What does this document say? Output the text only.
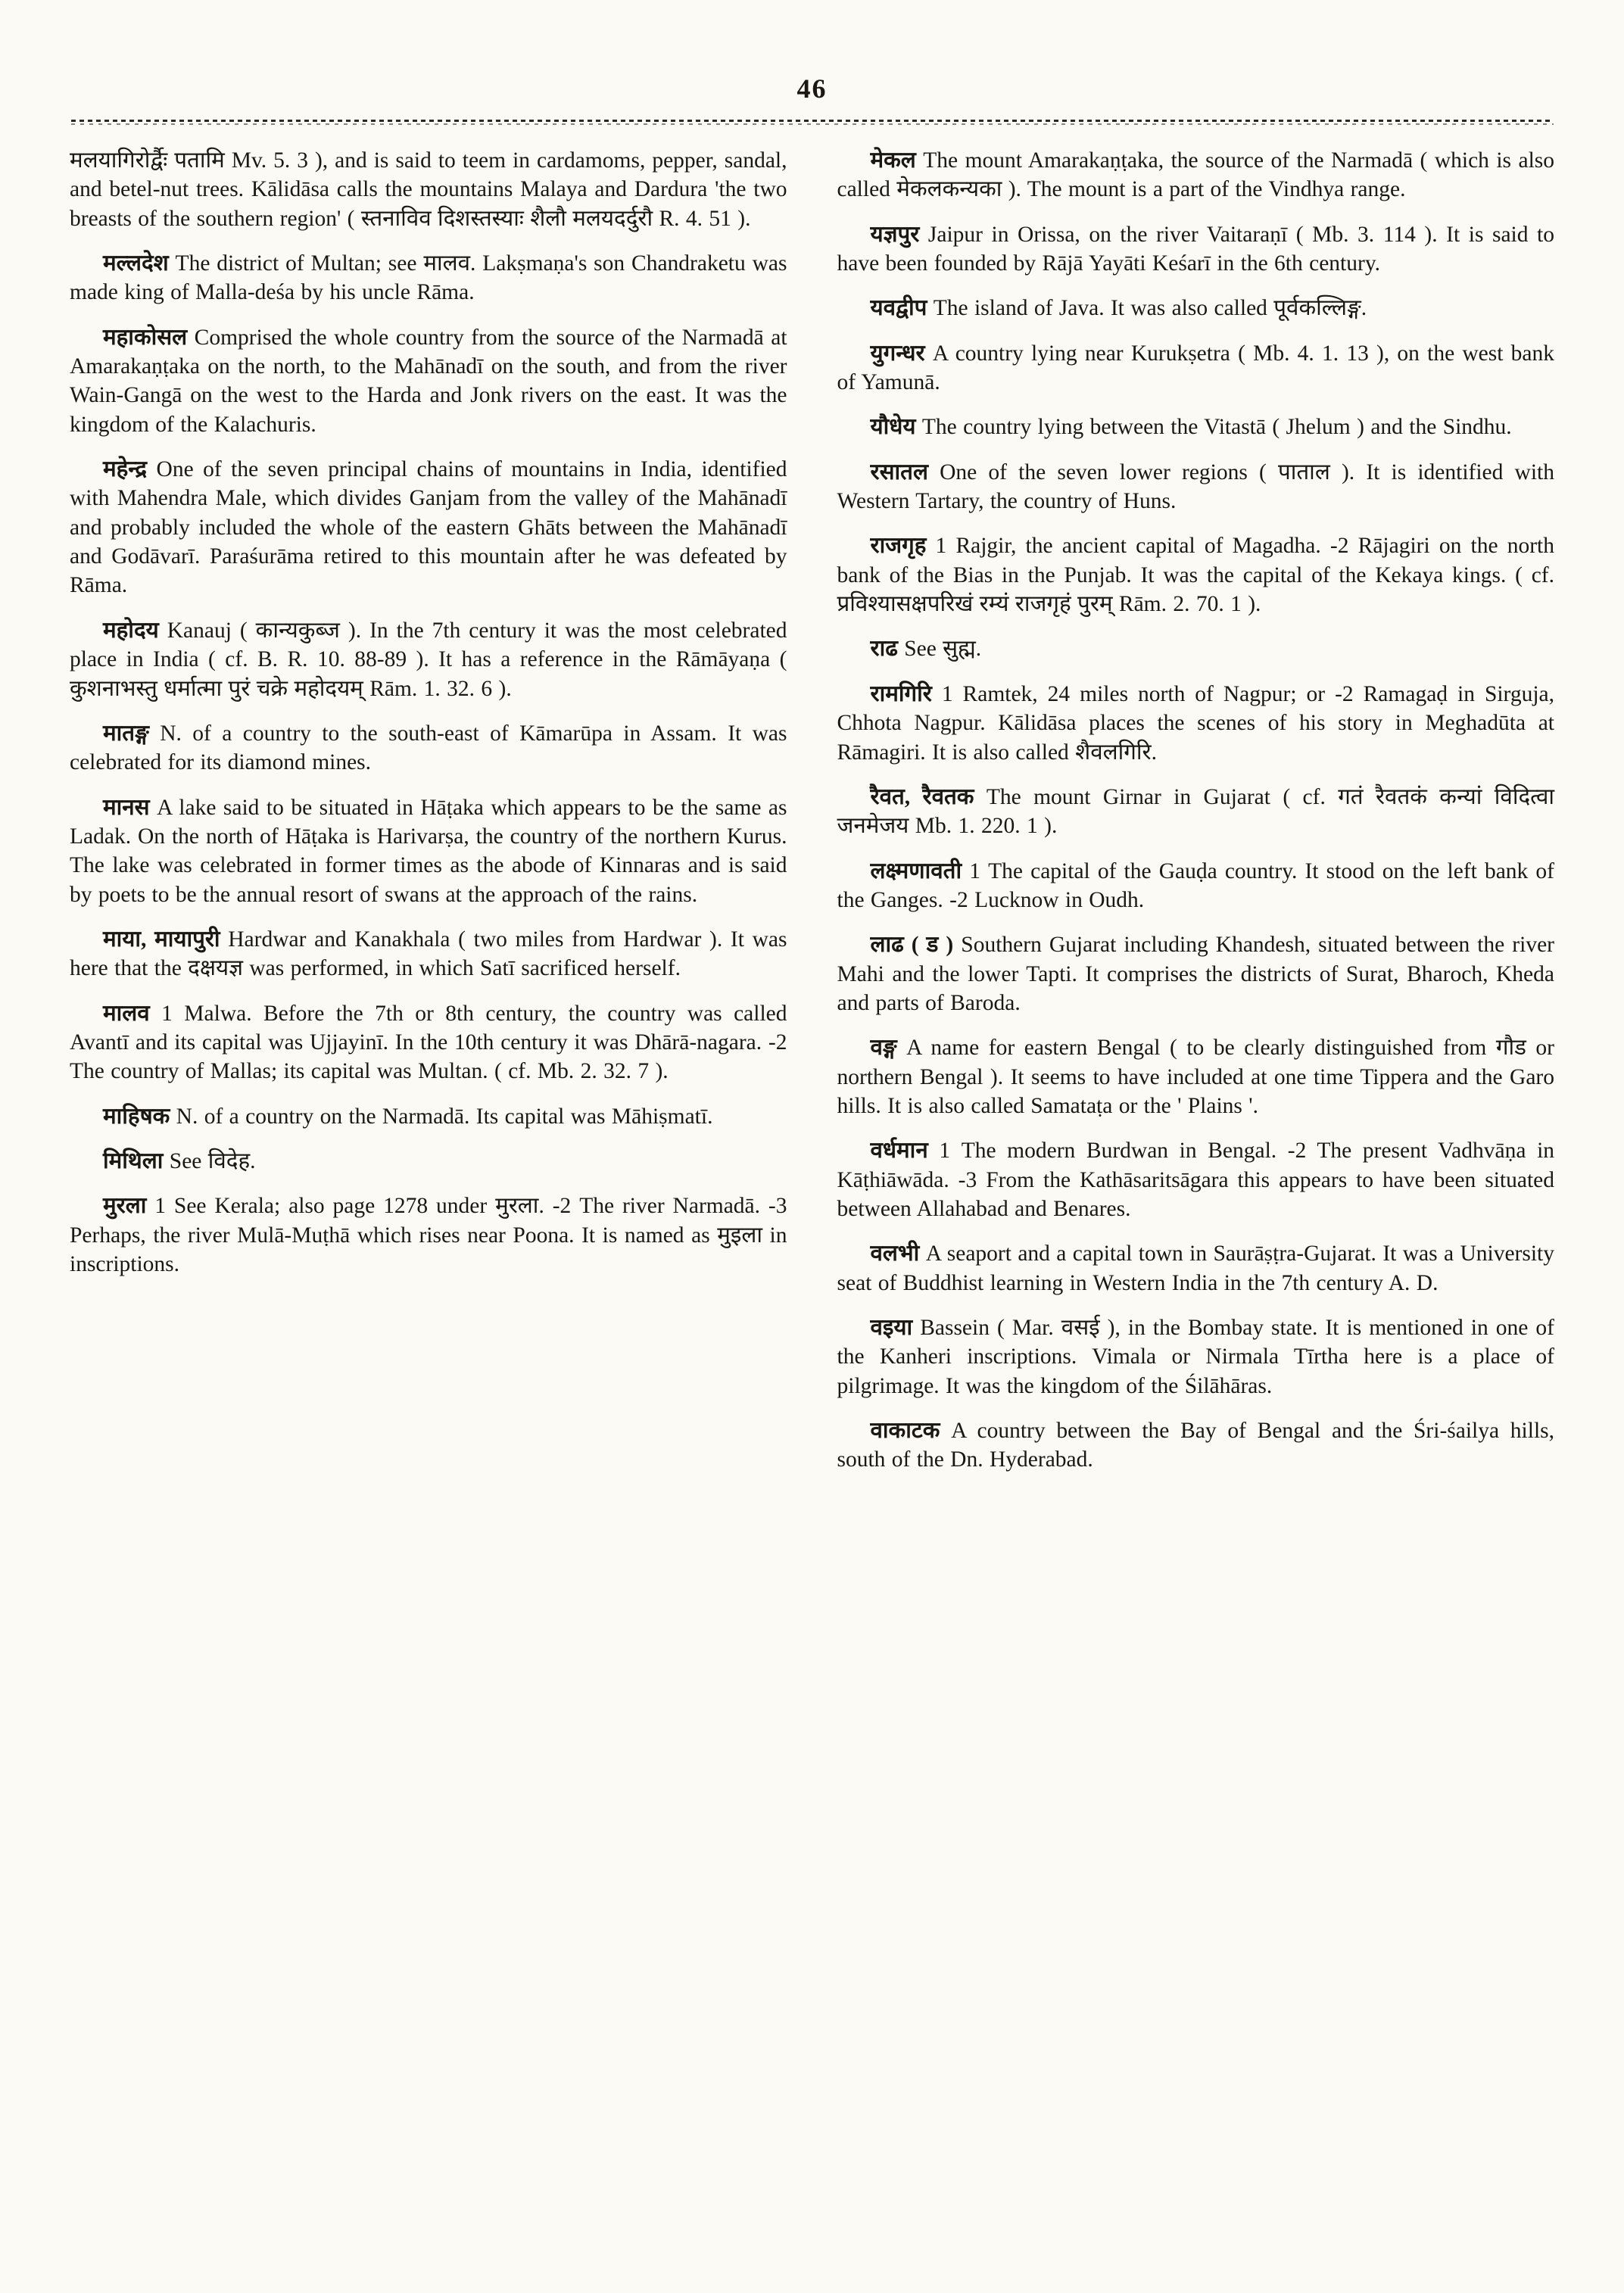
46

मलयागिरोर्द्वैः पतामि Mv. 5. 3 ), and is said to teem in cardamoms, pepper, sandal, and betel-nut trees. Kālidāsa calls the mountains Malaya and Dardura 'the two breasts of the southern region' ( स्तनाविव दिशस्तस्याः शैलौ मलयदर्दुरौ R. 4. 51 ).

मल्लदेश The district of Multan; see मालव. Lakṣmaṇa's son Chandraketu was made king of Malla-deśa by his uncle Rāma.

महाकोसल Comprised the whole country from the source of the Narmadā at Amarakaṇṭaka on the north, to the Mahānadī on the south, and from the river Wain-Gangā on the west to the Harda and Jonk rivers on the east. It was the kingdom of the Kalachuris.

महेन्द्र One of the seven principal chains of mountains in India, identified with Mahendra Male, which divides Ganjam from the valley of the Mahānadī and probably included the whole of the eastern Ghāts between the Mahānadī and Godāvarī. Paraśurāma retired to this mountain after he was defeated by Rāma.

महोदय Kanauj ( कान्यकुब्ज ). In the 7th century it was the most celebrated place in India ( cf. B. R. 10. 88-89 ). It has a reference in the Rāmāyaṇa ( कुशनाभस्तु धर्मात्मा पुरं चक्रे महोदयम् Rām. 1. 32. 6 ).

मातङ्ग N. of a country to the south-east of Kāmarūpa in Assam. It was celebrated for its diamond mines.

मानस A lake said to be situated in Hāṭaka which appears to be the same as Ladak. On the north of Hāṭaka is Harivarṣa, the country of the northern Kurus. The lake was celebrated in former times as the abode of Kinnaras and is said by poets to be the annual resort of swans at the approach of the rains.

माया, मायापुरी Hardwar and Kanakhala ( two miles from Hardwar ). It was here that the दक्षयज्ञ was performed, in which Satī sacrificed herself.

मालव 1 Malwa. Before the 7th or 8th century, the country was called Avantī and its capital was Ujjayinī. In the 10th century it was Dhārā-nagara. -2 The country of Mallas; its capital was Multan. ( cf. Mb. 2. 32. 7 ).

माहिषक N. of a country on the Narmadā. Its capital was Māhiṣmatī.

मिथिला See विदेह.

मुरला 1 See Kerala; also page 1278 under मुरला. -2 The river Narmadā. -3 Perhaps, the river Mulā-Muṭhā which rises near Poona. It is named as मुइला in inscriptions.

मेकल The mount Amarakaṇṭaka, the source of the Narmadā ( which is also called मेकलकन्यका ). The mount is a part of the Vindhya range.

यज्ञपुर Jaipur in Orissa, on the river Vaitaraṇī ( Mb. 3. 114 ). It is said to have been founded by Rājā Yayāti Keśarī in the 6th century.

यवद्वीप The island of Java. It was also called पूर्वकल्लिङ्ग.

युगन्धर A country lying near Kurukṣetra ( Mb. 4. 1. 13 ), on the west bank of Yamunā.

यौधेय The country lying between the Vitastā ( Jhelum ) and the Sindhu.

रसातल One of the seven lower regions ( पाताल ). It is identified with Western Tartary, the country of Huns.

राजगृह 1 Rajgir, the ancient capital of Magadha. -2 Rājagiri on the north bank of the Bias in the Punjab. It was the capital of the Kekaya kings. ( cf. प्रविश्यासक्षपरिखं रम्यं राजगृहं पुरम् Rām. 2. 70. 1 ).

राढ See सुह्म.

रामगिरि 1 Ramtek, 24 miles north of Nagpur; or -2 Ramagaḍ in Sirguja, Chhota Nagpur. Kālidāsa places the scenes of his story in Meghadūta at Rāmagiri. It is also called शैवलगिरि.

रैवत, रैवतक The mount Girnar in Gujarat ( cf. गतं रैवतकं कन्यां विदित्वा जनमेजय Mb. 1. 220. 1 ).

लक्ष्मणावती 1 The capital of the Gauḍa country. It stood on the left bank of the Ganges. -2 Lucknow in Oudh.

लाढ ( ड ) Southern Gujarat including Khandesh, situated between the river Mahi and the lower Tapti. It comprises the districts of Surat, Bharoch, Kheda and parts of Baroda.

वङ्ग A name for eastern Bengal ( to be clearly distinguished from गौड or northern Bengal ). It seems to have included at one time Tippera and the Garo hills. It is also called Samataṭa or the ' Plains '.

वर्धमान 1 The modern Burdwan in Bengal. -2 The present Vadhvāṇa in Kāṭhiāwāda. -3 From the Kathāsaritsāgara this appears to have been situated between Allahabad and Benares.

वलभी A seaport and a capital town in Saurāṣṭra-Gujarat. It was a University seat of Buddhist learning in Western India in the 7th century A. D.

वइया Bassein ( Mar. वसई ), in the Bombay state. It is mentioned in one of the Kanheri inscriptions. Vimala or Nirmala Tīrtha here is a place of pilgrimage. It was the kingdom of the Śilāhāras.

वाकाटक A country between the Bay of Bengal and the Śri-śailya hills, south of the Dn. Hyderabad.
